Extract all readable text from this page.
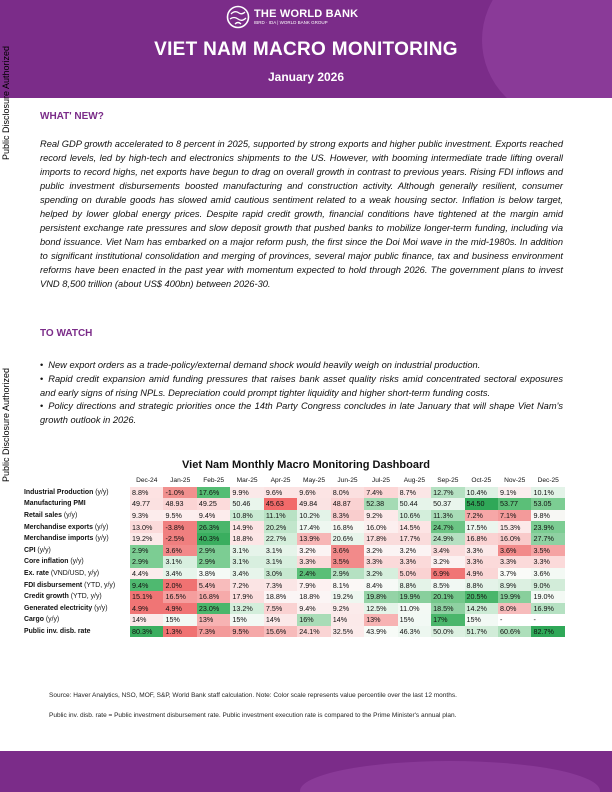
THE WORLD BANK
IBRD · IDA | WORLD BANK GROUP
VIET NAM MACRO MONITORING
January 2026
Public Disclosure Authorized
Public Disclosure Authorized
WHAT' NEW?
Real GDP growth accelerated to 8 percent in 2025, supported by strong exports and higher public investment. Exports reached record levels, led by high-tech and electronics shipments to the US. However, with booming intermediate trade lifting overall imports to record highs, net exports have begun to drag on overall growth in contrast to previous years. Rising FDI inflows and public investment disbursements boosted manufacturing and construction activity. Although generally resilient, consumer spending on durable goods has slowed amid cautious sentiment related to a weak housing sector. Inflation is below target, helped by lower global energy prices. Despite rapid credit growth, financial conditions have tightened at the margin amid persistent exchange rate pressures and slow deposit growth that pushed banks to mobilize longer-term funding, including via bond issuance. Viet Nam has embarked on a major reform push, the first since the Doi Moi wave in the mid-1980s. In addition to significant institutional consolidation and merging of provinces, several major public finance, tax and business environment reforms have been enacted in the past year with momentum expected to hold through 2026. The government plans to invest VND 8,500 trillion (about US$ 400bn) between 2026-30.
TO WATCH
• New export orders as a trade-policy/external demand shock would heavily weigh on industrial production.
• Rapid credit expansion amid funding pressures that raises bank asset quality risks amid concentrated sectoral exposures and early signs of rising NPLs. Depreciation could prompt tighter liquidity and higher short-term funding costs.
• Policy directions and strategic priorities once the 14th Party Congress concludes in late January that will shape Viet Nam's growth outlook in 2026.
Viet Nam Monthly Macro Monitoring Dashboard
	Dec-24	Jan-25	Feb-25	Mar-25	Apr-25	May-25	Jun-25	Jul-25	Aug-25	Sep-25	Oct-25	Nov-25	Dec-25
Industrial Production (y/y)	8.8%	-1.0%	17.6%	9.9%	9.6%	9.6%	8.0%	7.4%	8.7%	12.7%	10.4%	9.1%	10.1%
Manufacturing PMI	49.77	48.93	49.25	50.46	45.63	49.84	48.87	52.38	50.44	50.37	54.50	53.77	53.05
Retail sales (y/y)	9.3%	9.5%	9.4%	10.8%	11.1%	10.2%	8.3%	9.2%	10.6%	11.3%	7.2%	7.1%	9.8%
Merchandise exports (y/y)	13.0%	-3.8%	26.3%	14.9%	20.2%	17.4%	16.8%	16.0%	14.5%	24.7%	17.5%	15.3%	23.9%
Merchandise imports (y/y)	19.2%	-2.5%	40.3%	18.8%	22.7%	13.9%	20.6%	17.8%	17.7%	24.9%	16.8%	16.0%	27.7%
CPI (y/y)	2.9%	3.6%	2.9%	3.1%	3.1%	3.2%	3.6%	3.2%	3.2%	3.4%	3.3%	3.6%	3.5%
Core inflation (y/y)	2.9%	3.1%	2.9%	3.1%	3.1%	3.3%	3.5%	3.3%	3.3%	3.2%	3.3%	3.3%	3.3%
Ex. rate (VND/USD, y/y)	4.4%	3.4%	3.8%	3.4%	3.0%	2.4%	2.9%	3.2%	5.0%	6.9%	4.9%	3.7%	3.6%
FDI disbursement (YTD, y/y)	9.4%	2.0%	5.4%	7.2%	7.3%	7.9%	8.1%	8.4%	8.8%	8.5%	8.8%	8.9%	9.0%
Credit growth (YTD, y/y)	15.1%	16.5%	16.8%	17.9%	18.8%	18.8%	19.2%	19.8%	19.9%	20.1%	20.5%	19.9%	19.0%
Generated electricity (y/y)	4.9%	4.9%	23.0%	13.2%	7.5%	9.4%	9.2%	12.5%	11.0%	18.5%	14.2%	8.0%	16.9%
Cargo (y/y)	14%	15%	13%	15%	14%	16%	14%	13%	15%	17%	15%	-	-
Public inv. disb. rate	80.3%	1.3%	7.3%	9.5%	15.6%	24.1%	32.5%	43.9%	46.3%	50.0%	51.7%	60.6%	82.7%
Source: Haver Analytics, NSO, MOF, S&P, World Bank staff calculation. Note: Color scale represents value percentile over the last 12 months.
Public inv. disb. rate = Public investment disbursement rate. Public investment execution rate is compared to the Prime Minister's annual plan.
